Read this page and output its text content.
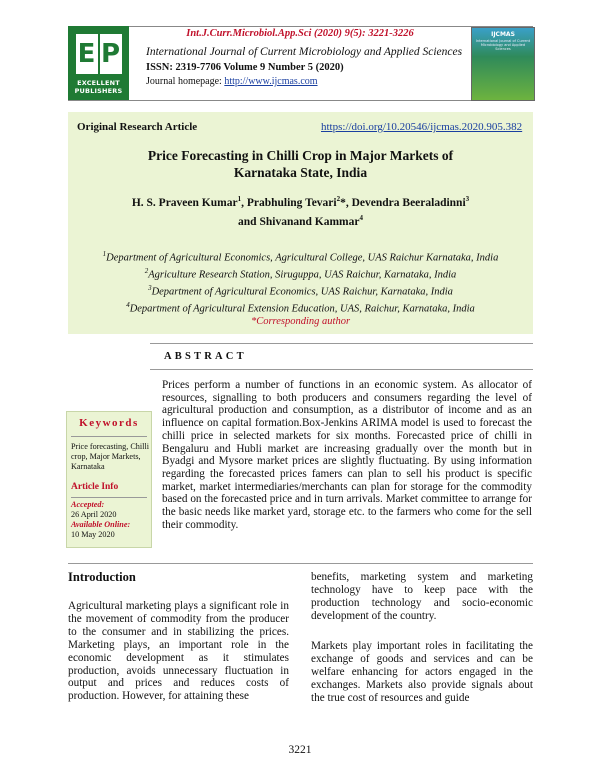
Int.J.Curr.Microbiol.App.Sci (2020) 9(5): 3221-3226
E P
EXCELLENT
PUBLISHERS
International Journal of Current Microbiology and Applied Sciences
ISSN: 2319-7706 Volume 9 Number 5 (2020)
Journal homepage: http://www.ijcmas.com
IJCMAS
International Journal of Current Microbiology and Applied Sciences
Original Research Article	https://doi.org/10.20546/ijcmas.2020.905.382
Price Forecasting in Chilli Crop in Major Markets of
Karnataka State, India
H. S. Praveen Kumar$^1$, Prabhuling Tevari$^2$*, Devendra Beeraladinni$^3$
and Shivanand Kammar$^4$
$^1$Department of Agricultural Economics, Agricultural College, UAS Raichur Karnataka, India
$^2$Agriculture Research Station, Siruguppa, UAS Raichur, Karnataka, India
$^3$Department of Agricultural Economics, UAS Raichur, Karnataka, India
$^4$Department of Agricultural Extension Education, UAS, Raichur, Karnataka, India
*Corresponding author
ABSTRACT
Prices perform a number of functions in an economic system. As allocator of resources, signalling to both producers and consumers regarding the level of agricultural production and consumption, as a distributor of income and as an influence on capital formation.Box-Jenkins ARIMA model is used to forecast the chilli price in selected markets for six months. Forecasted price of chilli in Bengaluru and Hubli market are increasing gradually over the month but in Byadgi and Mysore market prices are slightly fluctuating. By using information regarding the forecasted prices famers can plan to sell his product is specific market, market intermediaries/merchants can plan for storage for the commodity based on the forecasted price and in turn arrivals. Market committee to arrange for the basic needs like market yard, storage etc. to the farmers who come for the sell their commodity.
Keywords
Price forecasting, Chilli crop, Major Markets, Karnataka
Article Info
Accepted:
26 April 2020
Available Online:
10 May 2020
Introduction
Agricultural marketing plays a significant role in the movement of commodity from the producer to the consumer and in stabilizing the prices. Marketing plays, an important role in the economic development as it stimulates production, avoids unnecessary fluctuation in output and prices and reduces costs of production. However, for attaining these
benefits, marketing system and marketing technology have to keep pace with the production technology and socio-economic development of the country.
Markets play important roles in facilitating the exchange of goods and services and can be welfare enhancing for actors engaged in the exchanges. Markets also provide signals about the true cost of resources and guide
3221
